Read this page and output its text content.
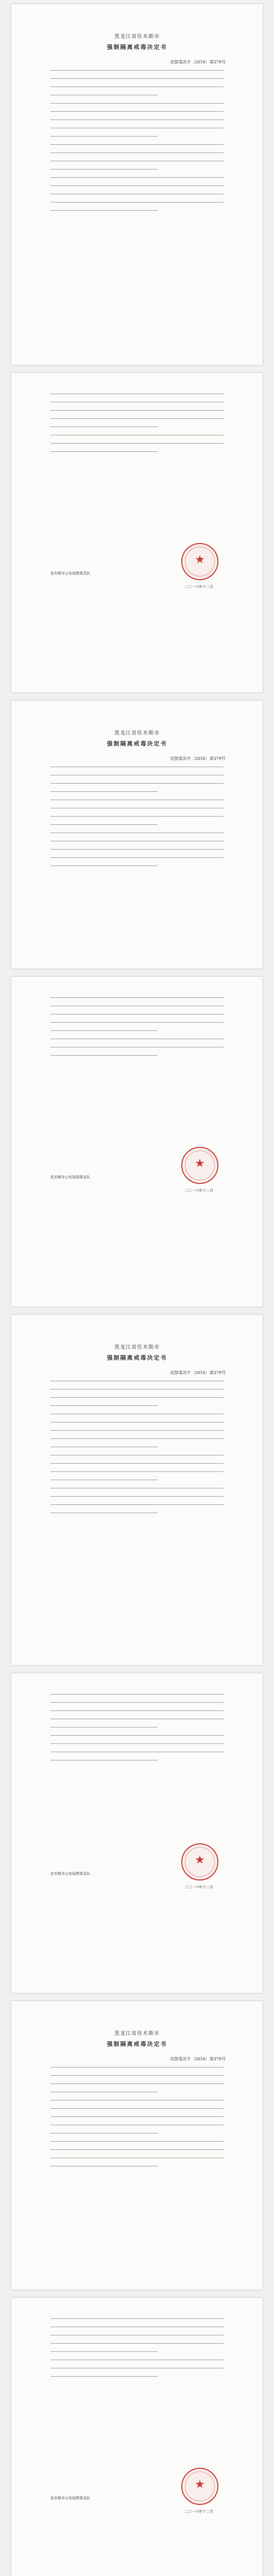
黑龙江省佳木斯市
强制隔离戒毒决定书
佳禁毒决字〔2016〕第379号
佳木斯市公安局禁毒支队
★
二〇一六年十二月
黑龙江省佳木斯市
强制隔离戒毒决定书
佳禁毒决字〔2016〕第379号
佳木斯市公安局禁毒支队
★
二〇一六年十二月
黑龙江省佳木斯市
强制隔离戒毒决定书
佳禁毒决字〔2016〕第379号
佳木斯市公安局禁毒支队
★
二〇一六年十二月
黑龙江省佳木斯市
强制隔离戒毒决定书
佳禁毒决字〔2016〕第379号
佳木斯市公安局禁毒支队
★
二〇一六年十二月
